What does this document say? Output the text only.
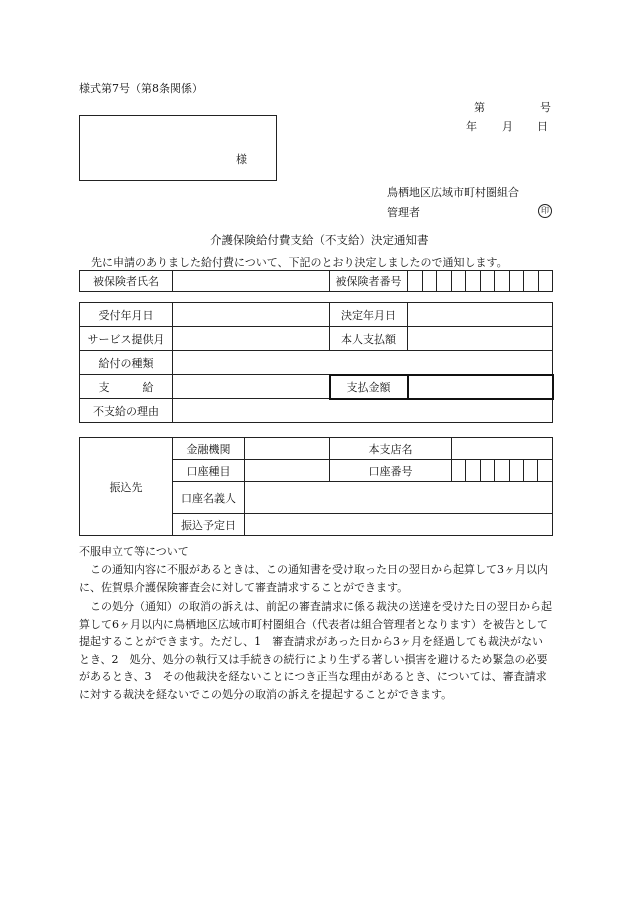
様式第7号（第8条関係）
第	号
年 月 日
様
鳥栖地区広域市町村圏組合
管理者	印
介護保険給付費支給（不支給）決定通知書
先に申請のありました給付費について、下記のとおり決定しましたので通知します。
被保険者氏名		被保険者番号										
受付年月日		決定年月日	
サービス提供月		本人支払額	
給付の種類			
支　　　給		支払金額	
不支給の理由			
振込先	金融機関		本支店名							
	口座種目		口座番号							
	口座名義人									
	振込予定日									
不服申立て等について
この通知内容に不服があるときは、この通知書を受け取った日の翌日から起算して3ヶ月以内に、佐賀県介護保険審査会に対して審査請求することができます。
この処分（通知）の取消の訴えは、前記の審査請求に係る裁決の送達を受けた日の翌日から起算して6ヶ月以内に鳥栖地区広域市町村圏組合（代表者は組合管理者となります）を被告として提起することができます。ただし、1　審査請求があった日から3ヶ月を経過しても裁決がないとき、2　処分、処分の執行又は手続きの続行により生ずる著しい損害を避けるため緊急の必要があるとき、3　その他裁決を経ないことにつき正当な理由があるとき、については、審査請求に対する裁決を経ないでこの処分の取消の訴えを提起することができます。
